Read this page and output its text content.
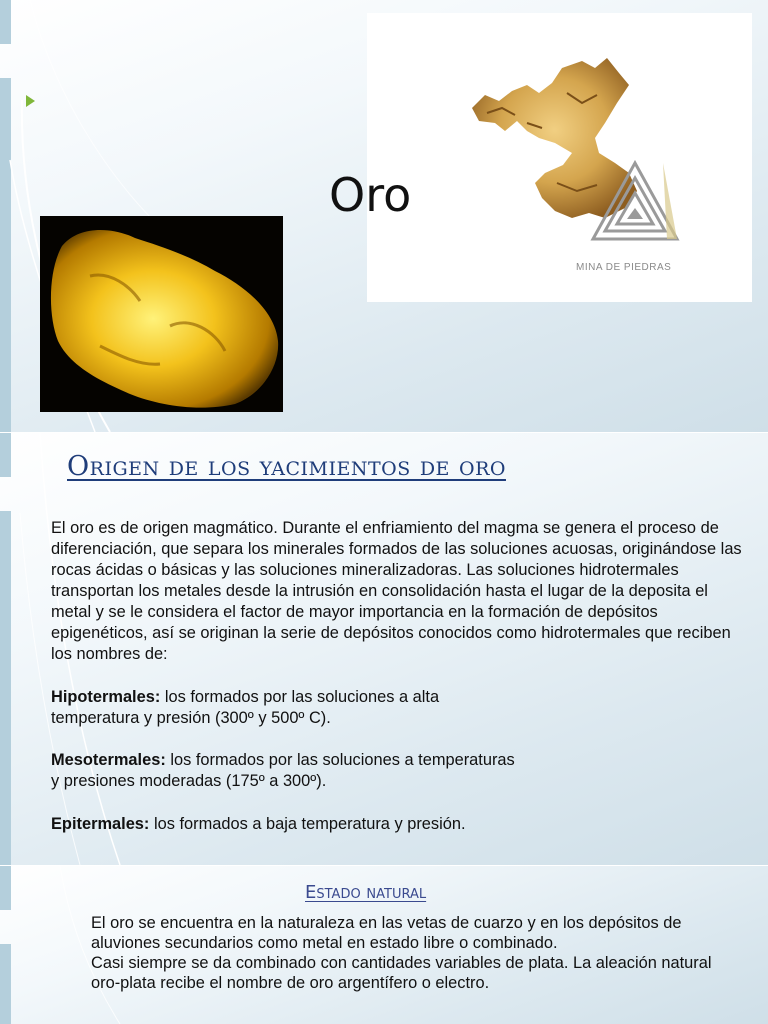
MINA DE PIEDRAS
Oro
Origen de los yacimientos de oro
El oro es de origen magmático. Durante el enfriamiento del magma se genera el proceso de diferenciación, que separa los minerales formados de las soluciones acuosas, originándose las rocas ácidas o básicas y las soluciones mineralizadoras. Las soluciones hidrotermales transportan los metales desde la intrusión en consolidación hasta el lugar de la deposita el metal y se le considera el factor de mayor importancia en la formación de depósitos epigenéticos, así se originan la serie de depósitos conocidos como hidrotermales que reciben los nombres de:
Hipotermales: los formados por las soluciones a alta
temperatura y presión (300º y 500º C).
Mesotermales: los formados por las soluciones a temperaturas
y presiones moderadas (175º a 300º).
Epitermales: los formados a baja temperatura y presión.
Estado natural
El oro se encuentra en la naturaleza en las vetas de cuarzo y en los depósitos de aluviones secundarios como metal en estado libre o combinado.
Casi siempre se da combinado con cantidades variables de plata. La aleación natural oro-plata recibe el nombre de oro argentífero o electro.
